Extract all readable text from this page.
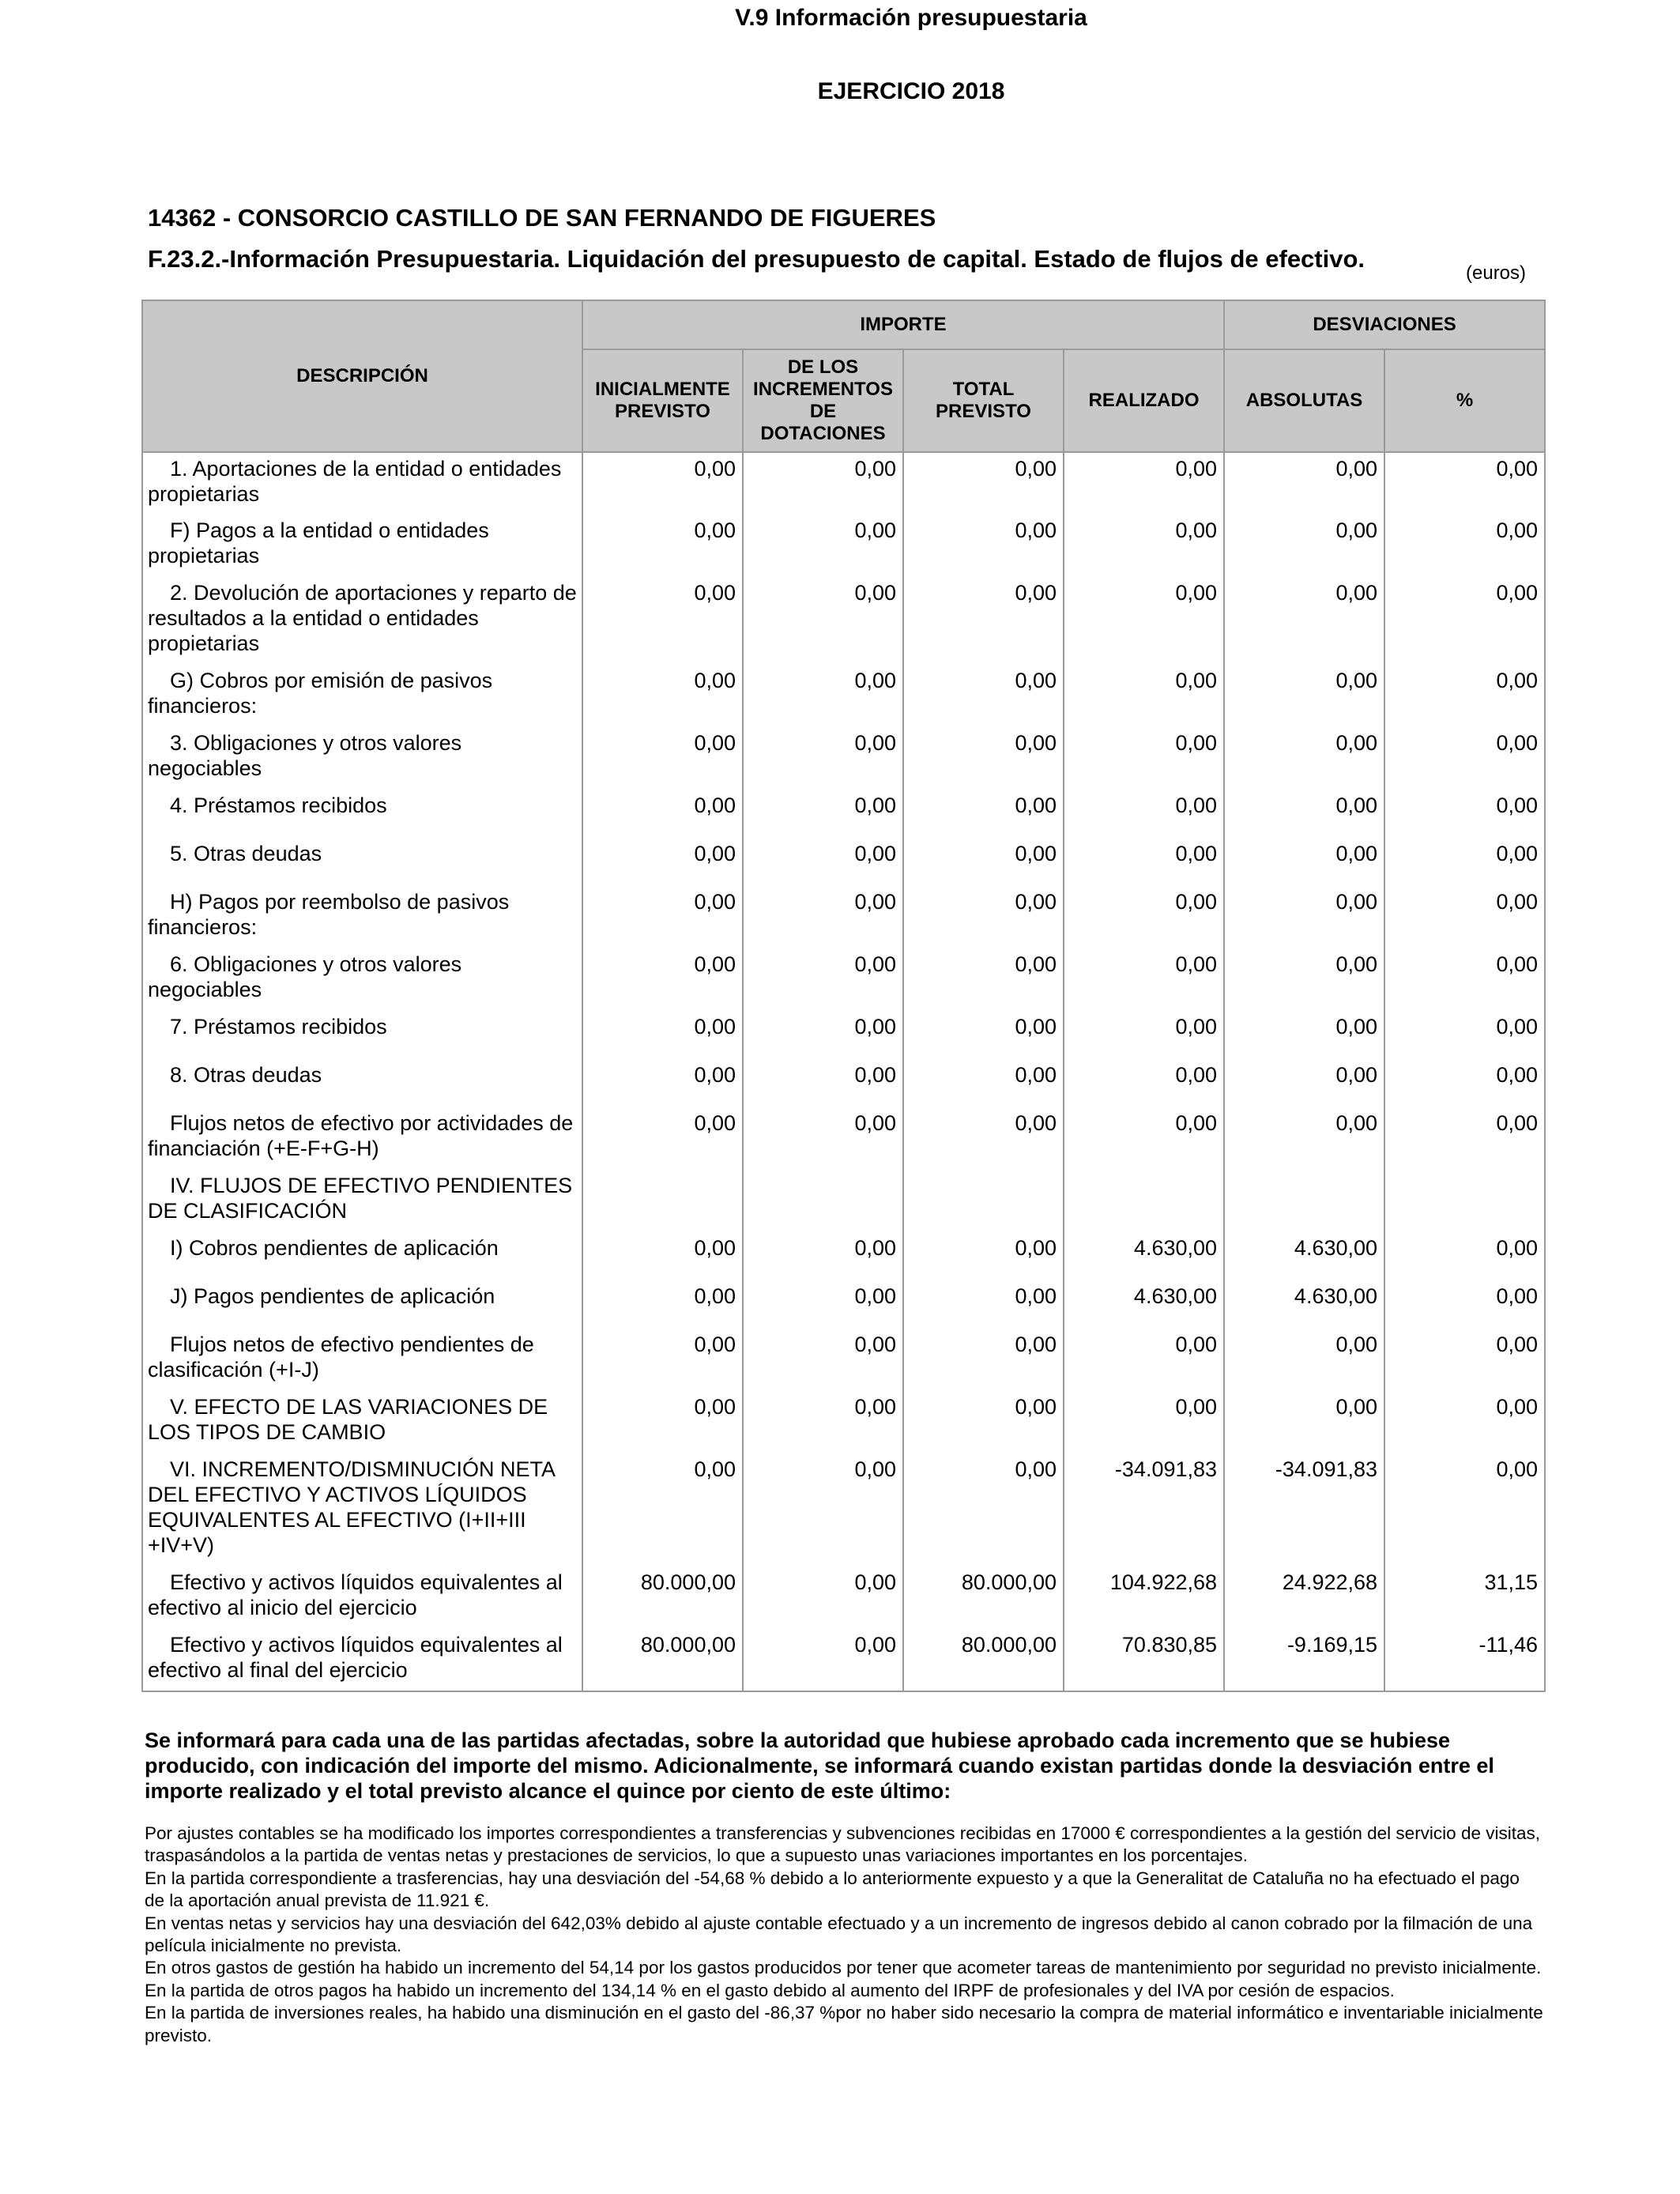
V.9 Información presupuestaria
EJERCICIO 2018
14362 - CONSORCIO CASTILLO DE SAN FERNANDO DE FIGUERES
F.23.2.-Información Presupuestaria. Liquidación del presupuesto de capital. Estado de flujos de efectivo.
(euros)
DESCRIPCIÓN	IMPORTE				DESVIACIONES	
	INICIALMENTE PREVISTO	DE LOS INCREMENTOS DE DOTACIONES	TOTAL PREVISTO	REALIZADO	ABSOLUTAS	%
1. Aportaciones de la entidad o entidades propietarias	0,00	0,00	0,00	0,00	0,00	0,00
F) Pagos a la entidad o entidades propietarias	0,00	0,00	0,00	0,00	0,00	0,00
2. Devolución de aportaciones y reparto de resultados a la entidad o entidades propietarias	0,00	0,00	0,00	0,00	0,00	0,00
G) Cobros por emisión de pasivos financieros:	0,00	0,00	0,00	0,00	0,00	0,00
3. Obligaciones y otros valores negociables	0,00	0,00	0,00	0,00	0,00	0,00
4. Préstamos recibidos	0,00	0,00	0,00	0,00	0,00	0,00
5. Otras deudas	0,00	0,00	0,00	0,00	0,00	0,00
H) Pagos por reembolso de pasivos financieros:	0,00	0,00	0,00	0,00	0,00	0,00
6. Obligaciones y otros valores negociables	0,00	0,00	0,00	0,00	0,00	0,00
7. Préstamos recibidos	0,00	0,00	0,00	0,00	0,00	0,00
8. Otras deudas	0,00	0,00	0,00	0,00	0,00	0,00
Flujos netos de efectivo por actividades de financiación (+E-F+G-H)	0,00	0,00	0,00	0,00	0,00	0,00
IV. FLUJOS DE EFECTIVO PENDIENTES DE CLASIFICACIÓN						
I) Cobros pendientes de aplicación	0,00	0,00	0,00	4.630,00	4.630,00	0,00
J) Pagos pendientes de aplicación	0,00	0,00	0,00	4.630,00	4.630,00	0,00
Flujos netos de efectivo pendientes de clasificación (+I-J)	0,00	0,00	0,00	0,00	0,00	0,00
V. EFECTO DE LAS VARIACIONES DE LOS TIPOS DE CAMBIO	0,00	0,00	0,00	0,00	0,00	0,00
VI. INCREMENTO/DISMINUCIÓN NETA DEL EFECTIVO Y ACTIVOS LÍQUIDOS EQUIVALENTES AL EFECTIVO (I+II+III +IV+V)	0,00	0,00	0,00	-34.091,83	-34.091,83	0,00
Efectivo y activos líquidos equivalentes al efectivo al inicio del ejercicio	80.000,00	0,00	80.000,00	104.922,68	24.922,68	31,15
Efectivo y activos líquidos equivalentes al efectivo al final del ejercicio	80.000,00	0,00	80.000,00	70.830,85	-9.169,15	-11,46
Se informará para cada una de las partidas afectadas, sobre la autoridad que hubiese aprobado cada incremento que se hubiese producido, con indicación del importe del mismo. Adicionalmente, se informará cuando existan partidas donde la desviación entre el importe realizado y el total previsto alcance el quince por ciento de este último:

Por ajustes contables se ha modificado los importes correspondientes a transferencias y subvenciones recibidas en 17000 € correspondientes a la gestión del servicio de visitas, traspasándolos a la partida de ventas netas y prestaciones de servicios, lo que a supuesto unas variaciones importantes en los porcentajes.

En la partida correspondiente a trasferencias, hay una desviación del -54,68 % debido a lo anteriormente expuesto y a que la Generalitat de Cataluña no ha efectuado el pago de la aportación anual prevista de 11.921 €.

En ventas netas y servicios hay una desviación del 642,03% debido al ajuste contable efectuado y a un incremento de ingresos debido al canon cobrado por la filmación de una película inicialmente no prevista.

En otros gastos de gestión ha habido un incremento del 54,14 por los gastos producidos por tener que acometer tareas de mantenimiento por seguridad no previsto inicialmente.

En la partida de otros pagos ha habido un incremento del 134,14 % en el gasto debido al aumento del IRPF de profesionales y del IVA por cesión de espacios.

En la partida de inversiones reales, ha habido una disminución en el gasto del -86,37 %por no haber sido necesario la compra de material informático e inventariable inicialmente previsto.
